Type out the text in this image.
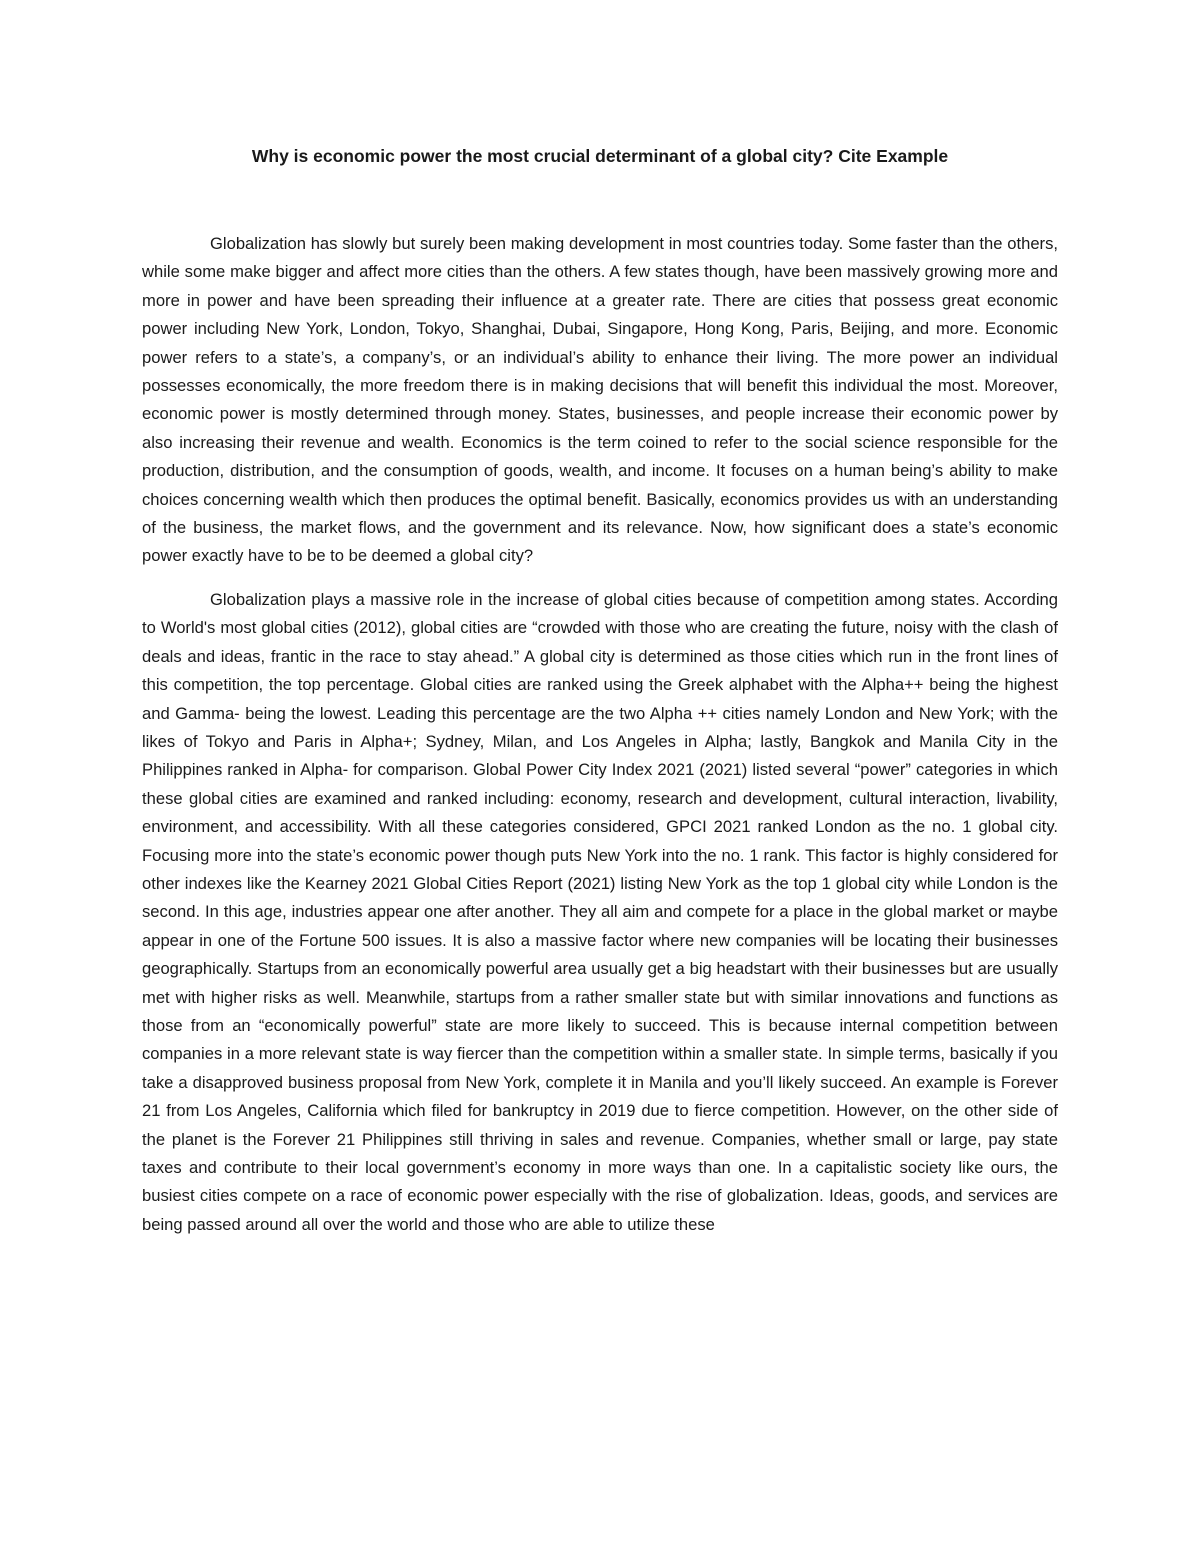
Why is economic power the most crucial determinant of a global city? Cite Example

Globalization has slowly but surely been making development in most countries today. Some faster than the others, while some make bigger and affect more cities than the others. A few states though, have been massively growing more and more in power and have been spreading their influence at a greater rate. There are cities that possess great economic power including New York, London, Tokyo, Shanghai, Dubai, Singapore, Hong Kong, Paris, Beijing, and more. Economic power refers to a state’s, a company’s, or an individual’s ability to enhance their living. The more power an individual possesses economically, the more freedom there is in making decisions that will benefit this individual the most. Moreover, economic power is mostly determined through money. States, businesses, and people increase their economic power by also increasing their revenue and wealth. Economics is the term coined to refer to the social science responsible for the production, distribution, and the consumption of goods, wealth, and income. It focuses on a human being’s ability to make choices concerning wealth which then produces the optimal benefit. Basically, economics provides us with an understanding of the business, the market flows, and the government and its relevance. Now, how significant does a state’s economic power exactly have to be to be deemed a global city?

Globalization plays a massive role in the increase of global cities because of competition among states. According to World's most global cities (2012), global cities are “crowded with those who are creating the future, noisy with the clash of deals and ideas, frantic in the race to stay ahead.” A global city is determined as those cities which run in the front lines of this competition, the top percentage. Global cities are ranked using the Greek alphabet with the Alpha++ being the highest and Gamma- being the lowest. Leading this percentage are the two Alpha ++ cities namely London and New York; with the likes of Tokyo and Paris in Alpha+; Sydney, Milan, and Los Angeles in Alpha; lastly, Bangkok and Manila City in the Philippines ranked in Alpha- for comparison. Global Power City Index 2021 (2021) listed several “power” categories in which these global cities are examined and ranked including: economy, research and development, cultural interaction, livability, environment, and accessibility. With all these categories considered, GPCI 2021 ranked London as the no. 1 global city. Focusing more into the state’s economic power though puts New York into the no. 1 rank. This factor is highly considered for other indexes like the Kearney 2021 Global Cities Report (2021) listing New York as the top 1 global city while London is the second. In this age, industries appear one after another. They all aim and compete for a place in the global market or maybe appear in one of the Fortune 500 issues. It is also a massive factor where new companies will be locating their businesses geographically. Startups from an economically powerful area usually get a big headstart with their businesses but are usually met with higher risks as well. Meanwhile, startups from a rather smaller state but with similar innovations and functions as those from an “economically powerful” state are more likely to succeed. This is because internal competition between companies in a more relevant state is way fiercer than the competition within a smaller state. In simple terms, basically if you take a disapproved business proposal from New York, complete it in Manila and you’ll likely succeed. An example is Forever 21 from Los Angeles, California which filed for bankruptcy in 2019 due to fierce competition. However, on the other side of the planet is the Forever 21 Philippines still thriving in sales and revenue. Companies, whether small or large, pay state taxes and contribute to their local government’s economy in more ways than one. In a capitalistic society like ours, the busiest cities compete on a race of economic power especially with the rise of globalization. Ideas, goods, and services are being passed around all over the world and those who are able to utilize these
